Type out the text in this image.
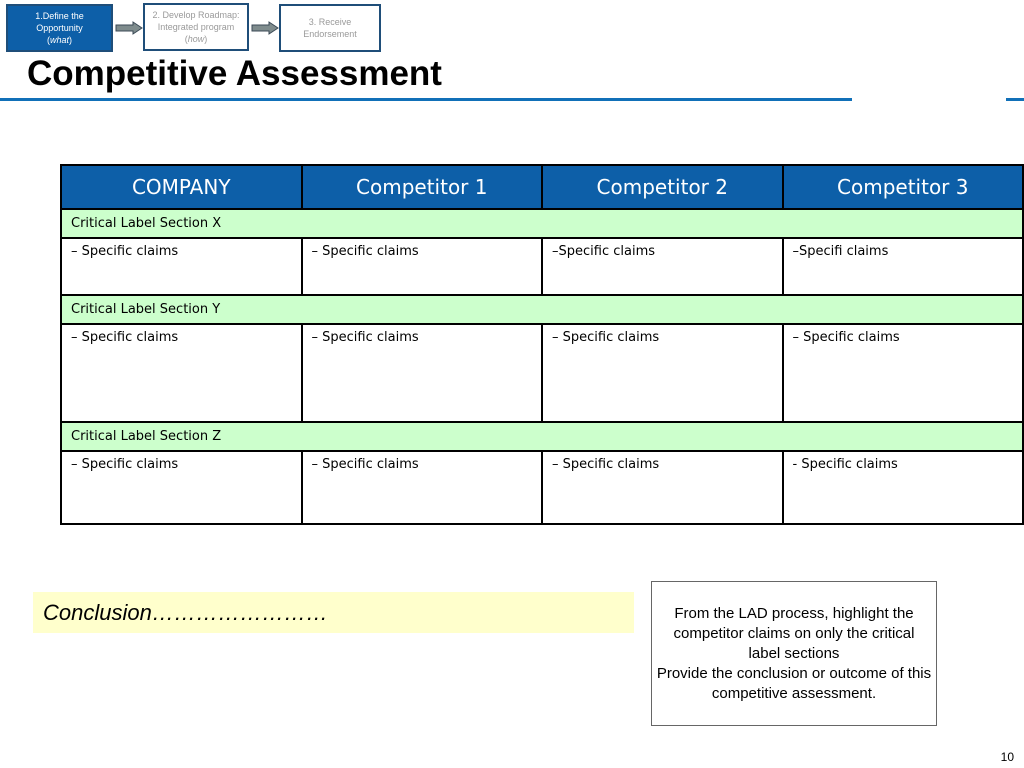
1.Define the Opportunity
(what)
2. Develop Roadmap: Integrated program
(how)
3. Receive Endorsement
Competitive Assessment
COMPANY	Competitor 1	Competitor 2	Competitor 3
Critical Label Section X			
– Specific claims	– Specific claims	–Specific claims	–Specifi claims
Critical Label Section Y			
– Specific claims	– Specific claims	– Specific claims	– Specific claims
Critical Label Section Z			
– Specific claims	– Specific claims	– Specific claims	- Specific claims
Conclusion……………………	From the LAD process, highlight the competitor claims on only the critical label sections
Provide the conclusion or outcome of this competitive assessment.
10
